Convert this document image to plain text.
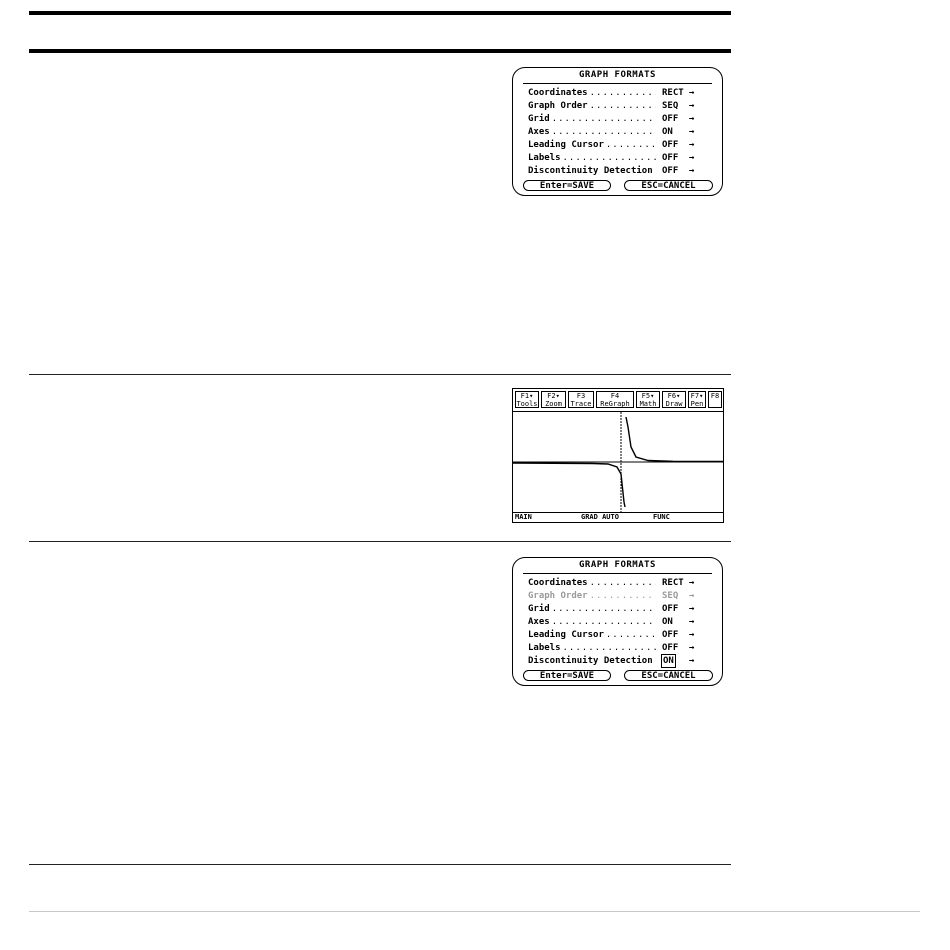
GRAPH FORMATS
Coordinates .....	RECT →
Graph Order .....	SEQ →
Grid .....	OFF →
Axes .....	ON →
Leading Cursor .....	OFF →
Labels .....	OFF →
Discontinuity Detection .....	OFF →
Enter=SAVE	ESC=CANCEL
F1▾
Tools
F2▾
Zoom
F3
Trace
F4
ReGraph
F5▾
Math
F6▾
Draw
F7▾
Pen
F8
MAIN	GRAD AUTO	FUNC
GRAPH FORMATS
Coordinates .....	RECT →
Graph Order .....	SEQ →
Grid .....	OFF →
Axes .....	ON →
Leading Cursor .....	OFF →
Labels .....	OFF →
Discontinuity Detection .....	ON →
Enter=SAVE	ESC=CANCEL
